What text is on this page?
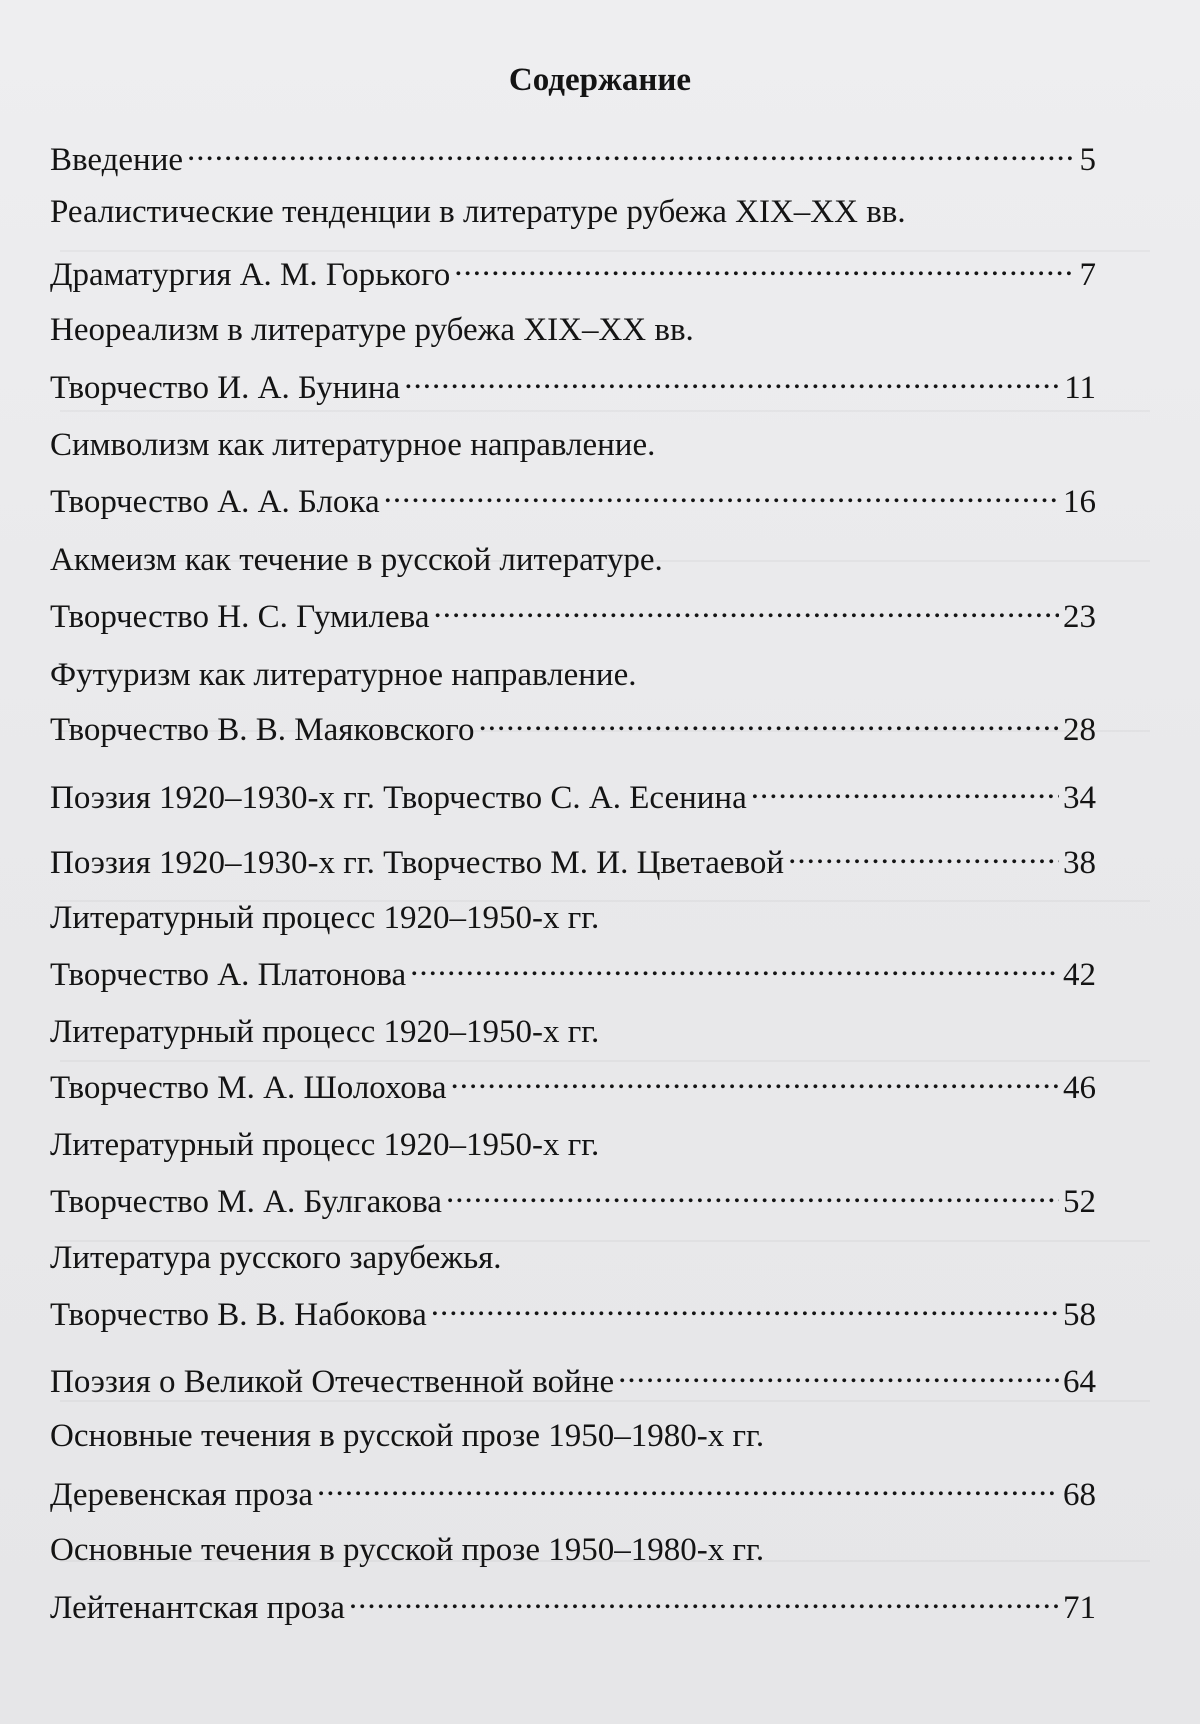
Содержание
Введение .....	5
Реалистические тенденции в литературе рубежа XIX–XX вв.
Драматургия А. М. Горького .....	7
Неореализм в литературе рубежа XIX–XX вв.
Творчество И. А. Бунина .....	11
Символизм как литературное направление.
Творчество А. А. Блока .....	16
Акмеизм как течение в русской литературе.
Творчество Н. С. Гумилева .....	23
Футуризм как литературное направление.
Творчество В. В. Маяковского .....	28
Поэзия 1920–1930-х гг. Творчество С. А. Есенина .....	34
Поэзия 1920–1930-х гг. Творчество М. И. Цветаевой .....	38
Литературный процесс 1920–1950-х гг.
Творчество А. Платонова .....	42
Литературный процесс 1920–1950-х гг.
Творчество М. А. Шолохова .....	46
Литературный процесс 1920–1950-х гг.
Творчество М. А. Булгакова .....	52
Литература русского зарубежья.
Творчество В. В. Набокова .....	58
Поэзия о Великой Отечественной войне .....	64
Основные течения в русской прозе 1950–1980-х гг.
Деревенская проза .....	68
Основные течения в русской прозе 1950–1980-х гг.
Лейтенантская проза .....	71
